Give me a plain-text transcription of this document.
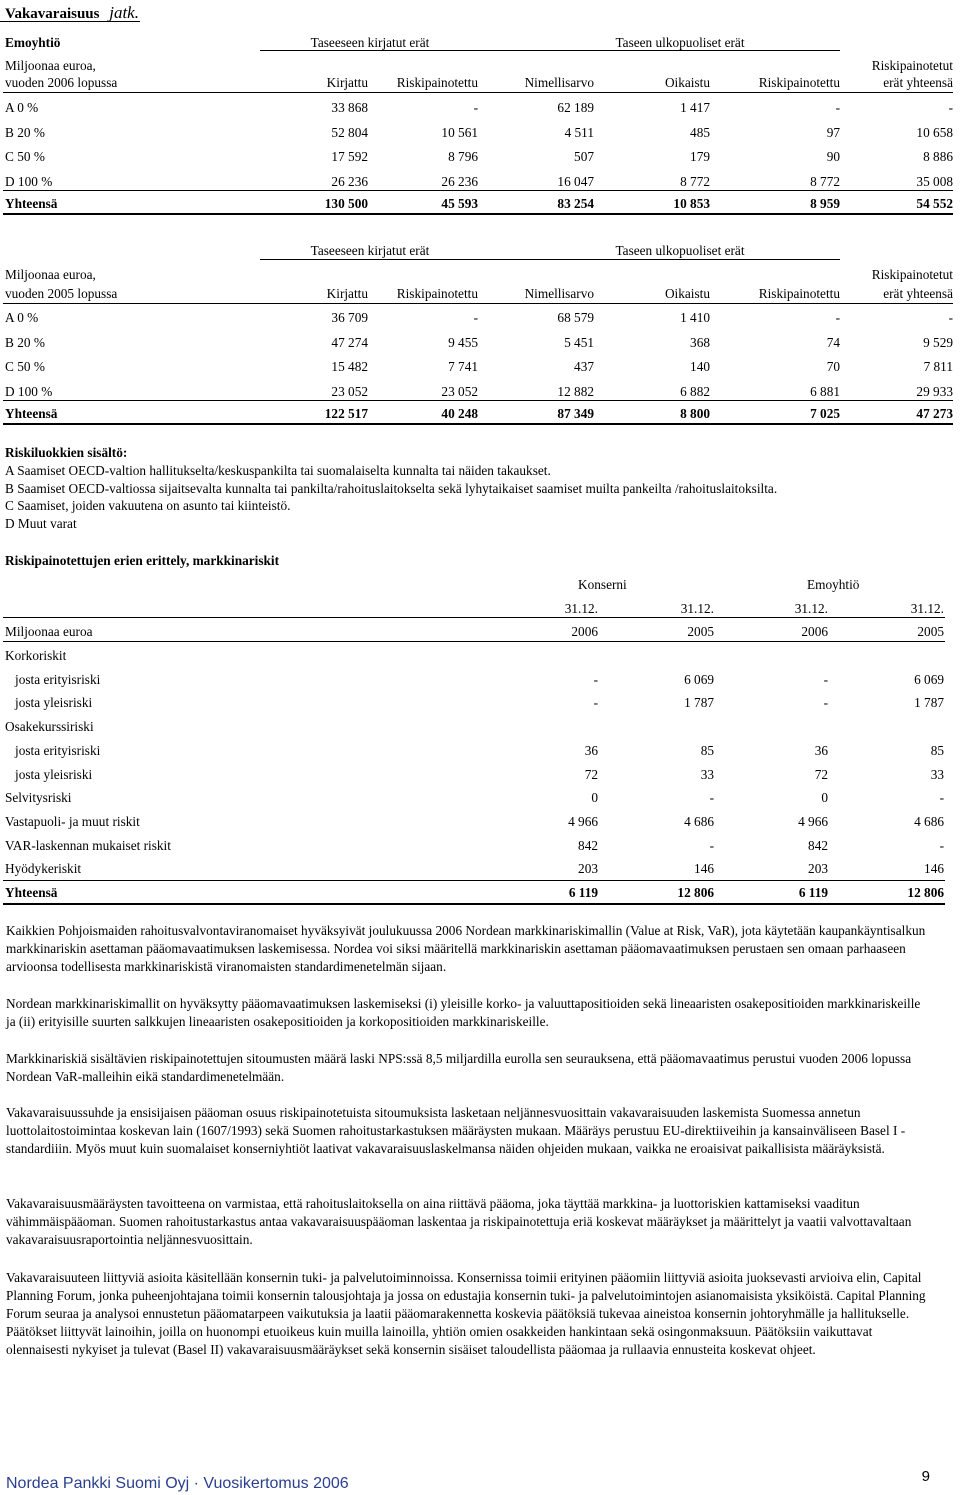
Vakavaraisuus jatk.
Emoyhtiö	Taseeseen kirjatut erät	Taseen ulkopuoliset erät
Miljoonaa euroa,
vuoden 2006 lopussa	Kirjattu	Riskipainotettu	Nimellisarvo	Oikaistu	Riskipainotettu
Riskipainotetut
erät yhteensä
A 0 %	33 868	-	62 189	1 417	-	-
B 20 %	52 804	10 561	4 511	485	97	10 658
C 50 %	17 592	8 796	507	179	90	8 886
D 100 %	26 236	26 236	16 047	8 772	8 772	35 008
Yhteensä	130 500	45 593	83 254	10 853	8 959	54 552
Taseeseen kirjatut erät	Taseen ulkopuoliset erät
Miljoonaa euroa,
vuoden 2005 lopussa	Kirjattu	Riskipainotettu	Nimellisarvo	Oikaistu	Riskipainotettu
Riskipainotetut
erät yhteensä
A 0 %	36 709	-	68 579	1 410	-	-
B 20 %	47 274	9 455	5 451	368	74	9 529
C 50 %	15 482	7 741	437	140	70	7 811
D 100 %	23 052	23 052	12 882	6 882	6 881	29 933
Yhteensä	122 517	40 248	87 349	8 800	7 025	47 273
Riskiluokkien sisältö:
A Saamiset OECD-valtion hallitukselta/keskuspankilta tai suomalaiselta kunnalta tai näiden takaukset.
B Saamiset OECD-valtiossa sijaitsevalta kunnalta tai pankilta/rahoituslaitokselta sekä lyhytaikaiset saamiset muilta pankeilta /rahoituslaitoksilta.
C Saamiset, joiden vakuutena on asunto tai kiinteistö.
D Muut varat
Riskipainotettujen erien erittely, markkinariskit
Konserni	Emoyhtiö
31.12.	31.12.	31.12.	31.12.
Miljoonaa euroa	2006	2005	2006	2005
Korkoriskit
josta erityisriski	-	6 069	-	6 069
josta yleisriski	-	1 787	-	1 787
Osakekurssiriski
josta erityisriski	36	85	36	85
josta yleisriski	72	33	72	33
Selvitysriski	0	-	0	-
Vastapuoli- ja muut riskit	4 966	4 686	4 966	4 686
VAR-laskennan mukaiset riskit	842	-	842	-
Hyödykeriskit	203	146	203	146
Yhteensä	6 119	12 806	6 119	12 806
Kaikkien Pohjoismaiden rahoitusvalvontaviranomaiset hyväksyivät joulukuussa 2006 Nordean markkinariskimallin (Value at Risk, VaR), jota käytetään kaupankäyntisalkun markkinariskin asettaman pääomavaatimuksen laskemisessa. Nordea voi siksi määritellä markkinariskin asettaman pääomavaatimuksen perustaen sen omaan parhaaseen arvioonsa todellisesta markkinariskistä viranomaisten standardimenetelmän sijaan.
Nordean markkinariskimallit on hyväksytty pääomavaatimuksen laskemiseksi (i) yleisille korko- ja valuuttapositioiden sekä lineaaristen osakepositioiden markkinariskeille ja (ii) erityisille suurten salkkujen lineaaristen osakepositioiden ja korkopositioiden markkinariskeille.
Markkinariskiä sisältävien riskipainotettujen sitoumusten määrä laski NPS:ssä 8,5 miljardilla eurolla sen seurauksena, että pääomavaatimus perustui vuoden 2006 lopussa Nordean VaR-malleihin eikä standardimenetelmään.
Vakavaraisuussuhde ja ensisijaisen pääoman osuus riskipainotetuista sitoumuksista lasketaan neljännesvuosittain vakavaraisuuden laskemista Suomessa annetun luottolaitostoimintaa koskevan lain (1607/1993) sekä Suomen rahoitustarkastuksen määräysten mukaan. Määräys perustuu EU-direktiiveihin ja kansainväliseen Basel I -standardiiin. Myös muut kuin suomalaiset konserniyhtiöt laativat vakavaraisuuslaskelmansa näiden ohjeiden mukaan, vaikka ne eroaisivat paikallisista määräyksistä.
Vakavaraisuusmääräysten tavoitteena on varmistaa, että rahoituslaitoksella on aina riittävä pääoma, joka täyttää markkina- ja luottoriskien kattamiseksi vaaditun vähimmäispääoman. Suomen rahoitustarkastus antaa vakavaraisuuspääoman laskentaa ja riskipainotettuja eriä koskevat määräykset ja määrittelyt ja vaatii valvottavaltaan vakavaraisuusraportointia neljännesvuosittain.
Vakavaraisuuteen liittyviä asioita käsitellään konsernin tuki- ja palvelutoiminnoissa. Konsernissa toimii erityinen pääomiin liittyviä asioita juoksevasti arvioiva elin, Capital Planning Forum, jonka puheenjohtajana toimii konsernin talousjohtaja ja jossa on edustajia konsernin tuki- ja palvelutoimintojen asianomaisista yksiköistä. Capital Planning Forum seuraa ja analysoi ennustetun pääomatarpeen vaikutuksia ja laatii pääomarakennetta koskevia päätöksiä tukevaa aineistoa konsernin johtoryhmälle ja hallitukselle. Päätökset liittyvät lainoihin, joilla on huonompi etuoikeus kuin muilla lainoilla, yhtiön omien osakkeiden hankintaan sekä osingonmaksuun. Päätöksiin vaikuttavat olennaisesti nykyiset ja tulevat (Basel II) vakavaraisuusmääräykset sekä konsernin sisäiset taloudellista pääomaa ja rullaavia ennusteita koskevat ohjeet.
Nordea Pankki Suomi Oyj · Vuosikertomus 2006	9
